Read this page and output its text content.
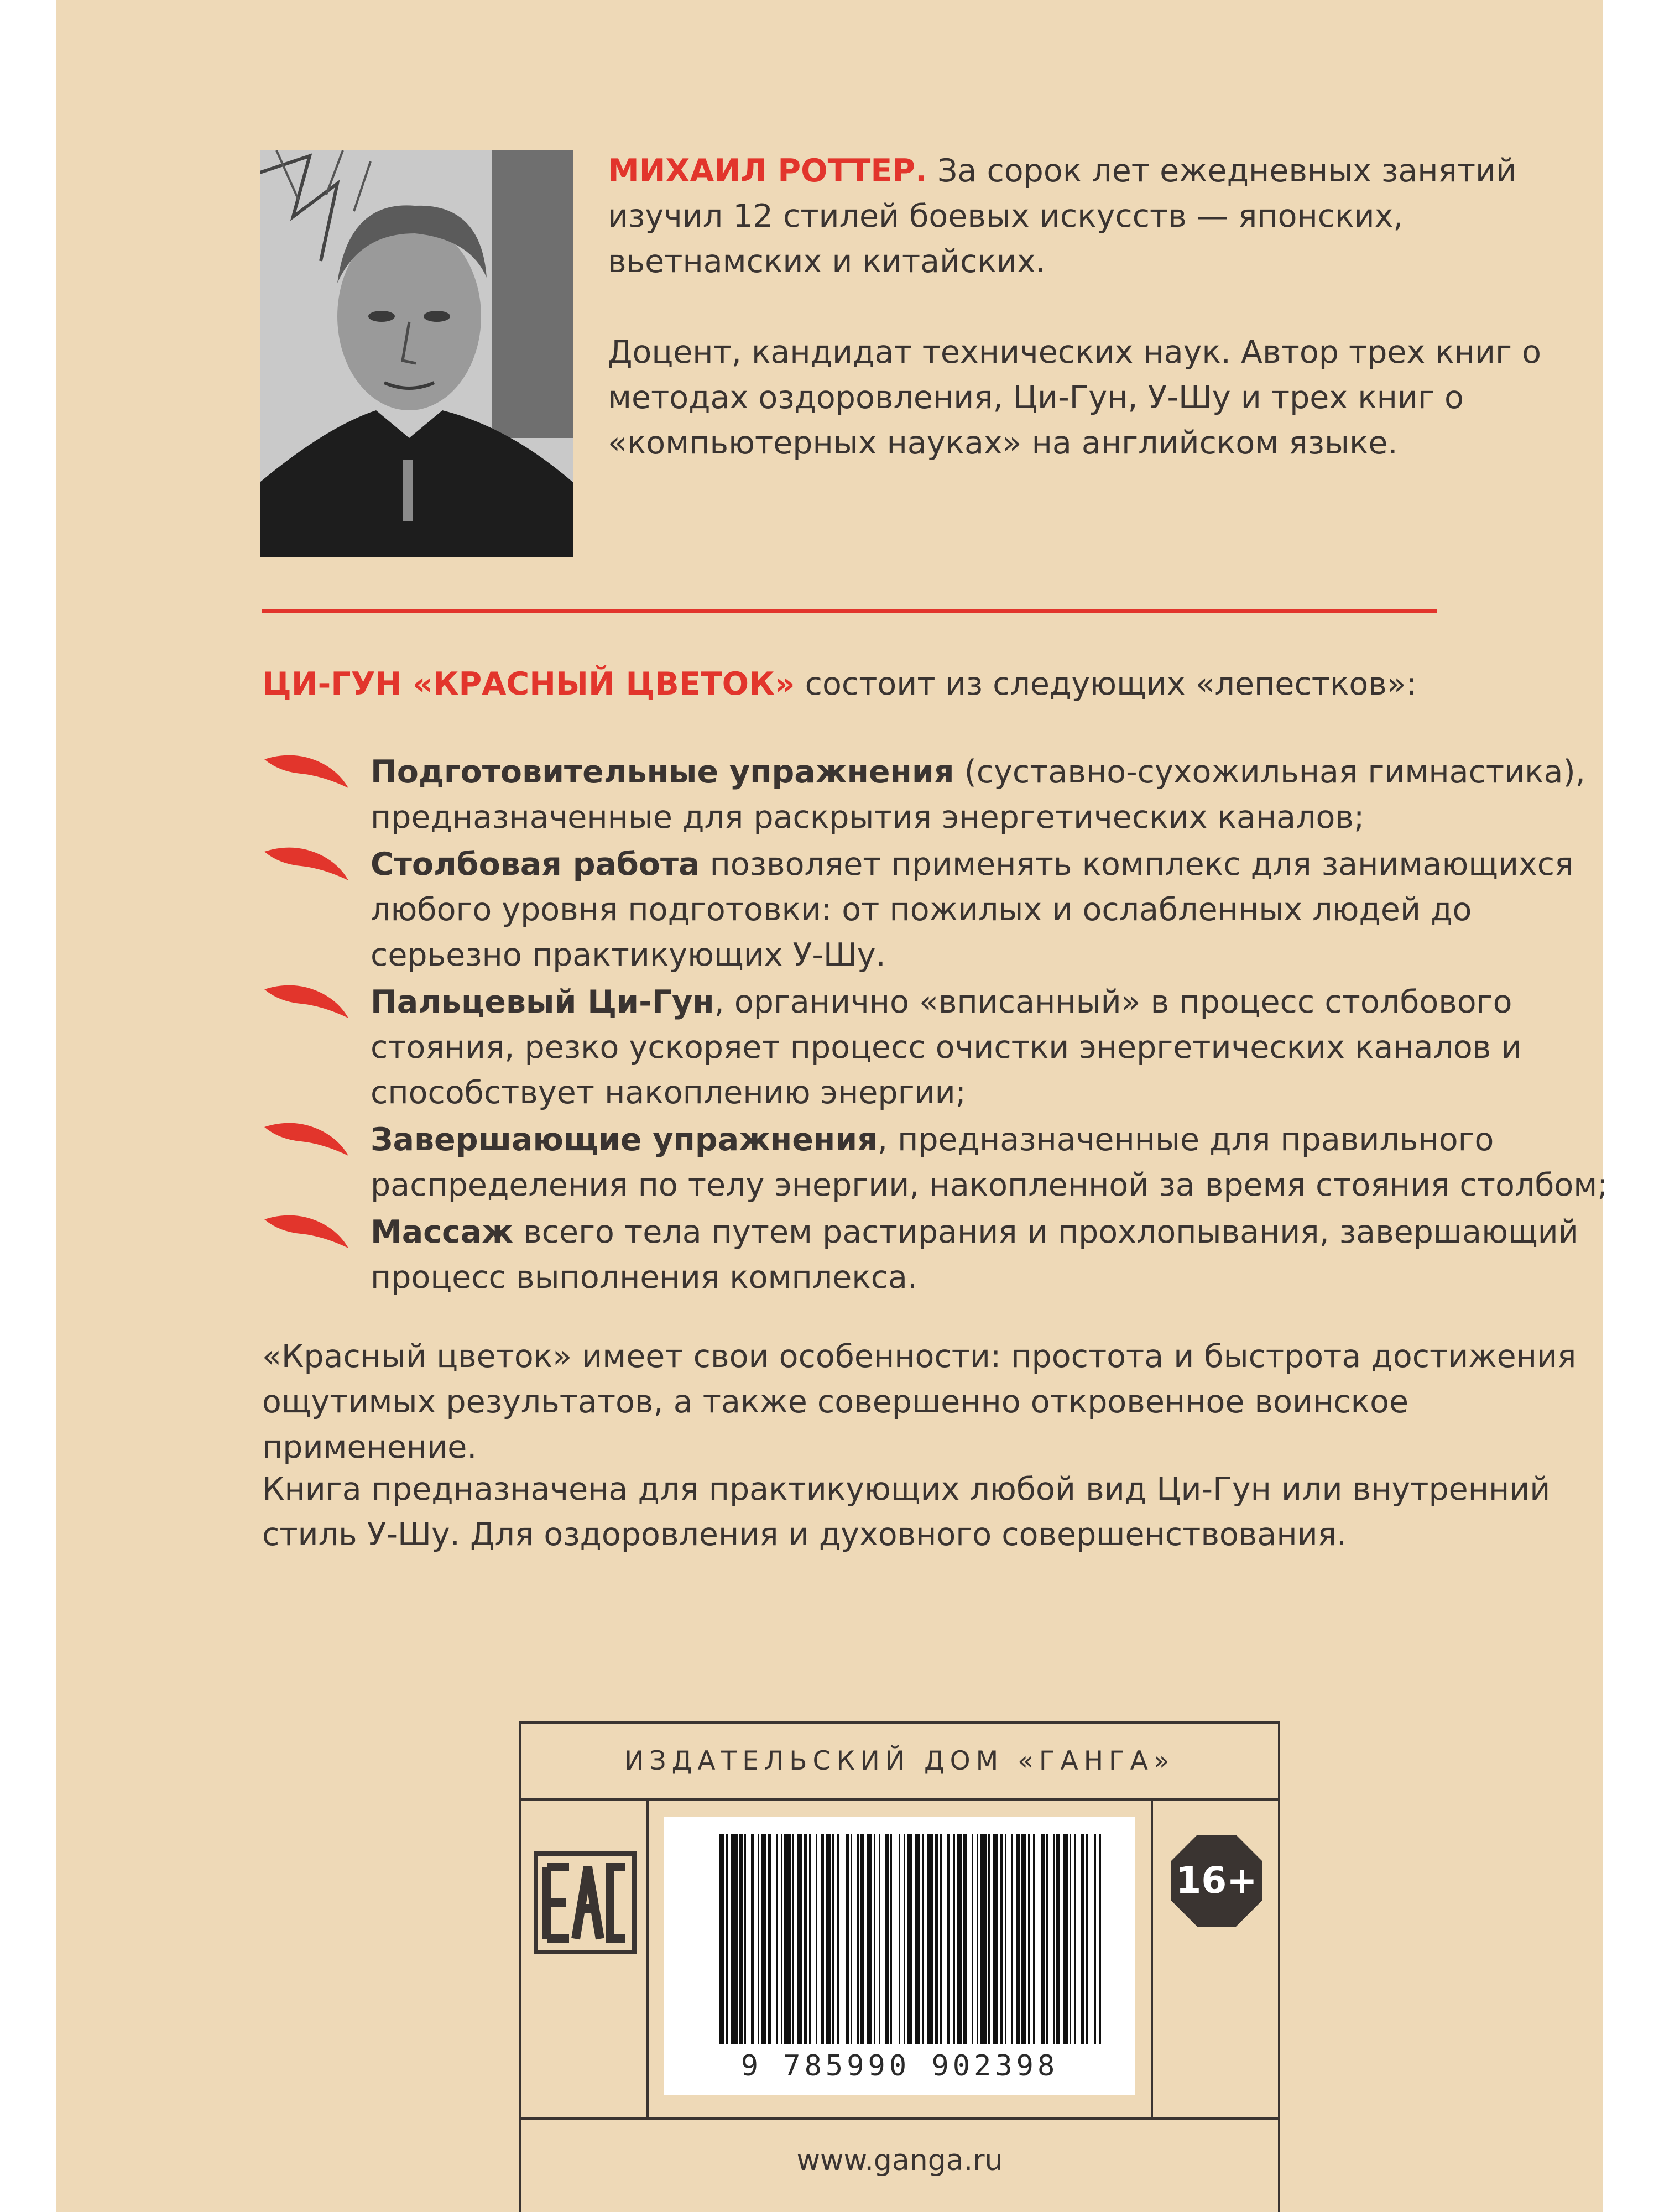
МИХАИЛ РОТТЕР. За сорок лет ежедневных занятий изучил 12 стилей боевых искусств — японских, вьетнамских и китайских.

Доцент, кандидат технических наук. Автор трех книг о методах оздоровления, Ци-Гун, У-Шу и трех книг о «компьютерных науках» на английском языке.

ЦИ-ГУН «КРАСНЫЙ ЦВЕТОК» состоит из следующих «лепестков»:

Подготовительные упражнения (суставно-сухожильная гимнастика), предназначенные для раскрытия энергетических каналов;
Столбовая работа позволяет применять комплекс для занимающихся любого уровня подготовки: от пожилых и ослабленных людей до серьезно практикующих У-Шу.
Пальцевый Ци-Гун, органично «вписанный» в процесс столбового стояния, резко ускоряет процесс очистки энергетических каналов и способствует накоплению энергии;
Завершающие упражнения, предназначенные для правильного распределения по телу энергии, накопленной за время стояния столбом;
Массаж всего тела путем растирания и прохлопывания, завершающий процесс выполнения комплекса.

«Красный цветок» имеет свои особенности: простота и быстрота достижения ощутимых результатов, а также совершенно откровенное воинское применение.

Книга предназначена для практикующих любой вид Ци-Гун или внутренний стиль У-Шу. Для оздоровления и духовного совершенствования.

ИЗДАТЕЛЬСКИЙ ДОМ «ГАНГА»
9 785990 902398
16+
www.ganga.ru
